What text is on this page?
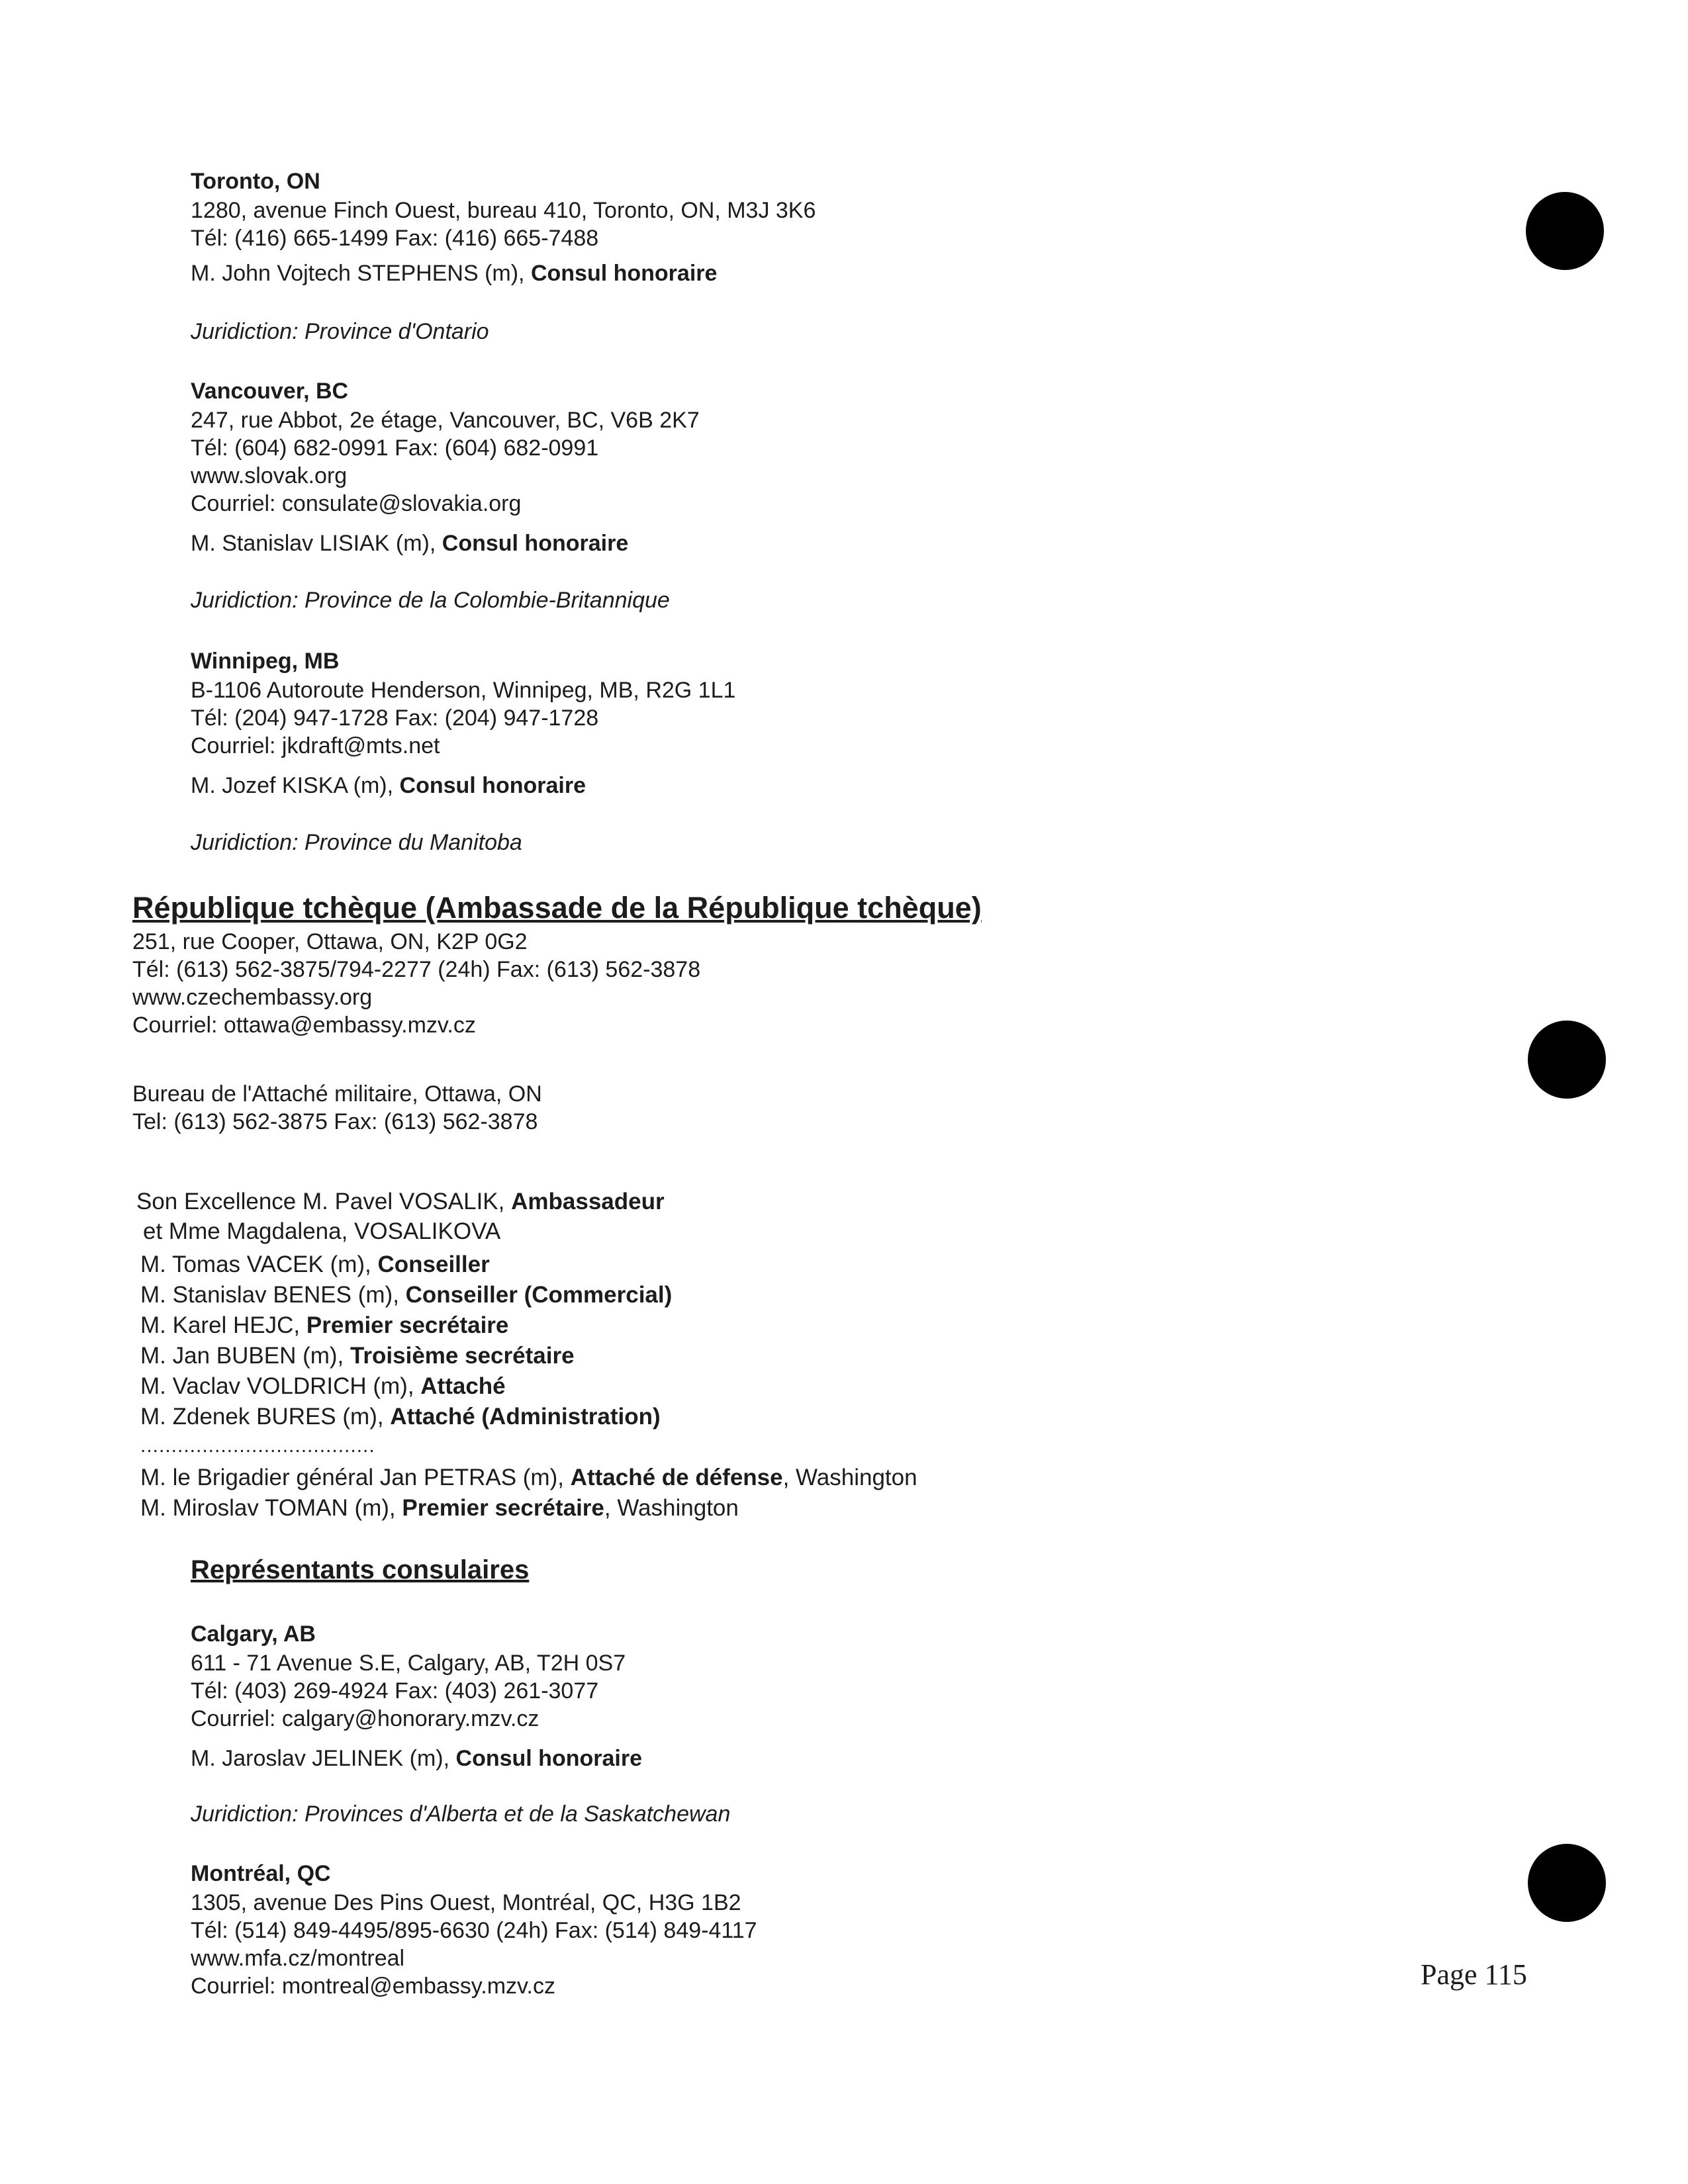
Toronto, ON
1280, avenue Finch Ouest, bureau 410, Toronto, ON, M3J 3K6
Tél: (416) 665-1499 Fax: (416) 665-7488
M. John Vojtech STEPHENS (m), Consul honoraire
Juridiction: Province d'Ontario
Vancouver, BC
247, rue Abbot, 2e étage, Vancouver, BC, V6B 2K7
Tél: (604) 682-0991 Fax: (604) 682-0991
www.slovak.org
Courriel: consulate@slovakia.org
M. Stanislav LISIAK (m), Consul honoraire
Juridiction: Province de la Colombie-Britannique
Winnipeg, MB
B-1106 Autoroute Henderson, Winnipeg, MB, R2G 1L1
Tél: (204) 947-1728 Fax: (204) 947-1728
Courriel: jkdraft@mts.net
M. Jozef KISKA (m), Consul honoraire
Juridiction: Province du Manitoba
République tchèque (Ambassade de la République tchèque)
251, rue Cooper, Ottawa, ON, K2P 0G2
Tél: (613) 562-3875/794-2277 (24h) Fax: (613) 562-3878
www.czechembassy.org
Courriel: ottawa@embassy.mzv.cz
Bureau de l'Attaché militaire, Ottawa, ON
Tel: (613) 562-3875 Fax: (613) 562-3878
Son Excellence M. Pavel VOSALIK, Ambassadeur
et Mme Magdalena, VOSALIKOVA
M. Tomas VACEK (m), Conseiller
M. Stanislav BENES (m), Conseiller (Commercial)
M. Karel HEJC, Premier secrétaire
M. Jan BUBEN (m), Troisième secrétaire
M. Vaclav VOLDRICH (m), Attaché
M. Zdenek BURES (m), Attaché (Administration)
......................................
M. le Brigadier général Jan PETRAS (m), Attaché de défense, Washington
M. Miroslav TOMAN (m), Premier secrétaire, Washington
Représentants consulaires
Calgary, AB
611 - 71 Avenue S.E, Calgary, AB, T2H 0S7
Tél: (403) 269-4924 Fax: (403) 261-3077
Courriel: calgary@honorary.mzv.cz
M. Jaroslav JELINEK (m), Consul honoraire
Juridiction: Provinces d'Alberta et de la Saskatchewan
Montréal, QC
1305, avenue Des Pins Ouest, Montréal, QC, H3G 1B2
Tél: (514) 849-4495/895-6630 (24h) Fax: (514) 849-4117
www.mfa.cz/montreal
Courriel: montreal@embassy.mzv.cz	Page 115
